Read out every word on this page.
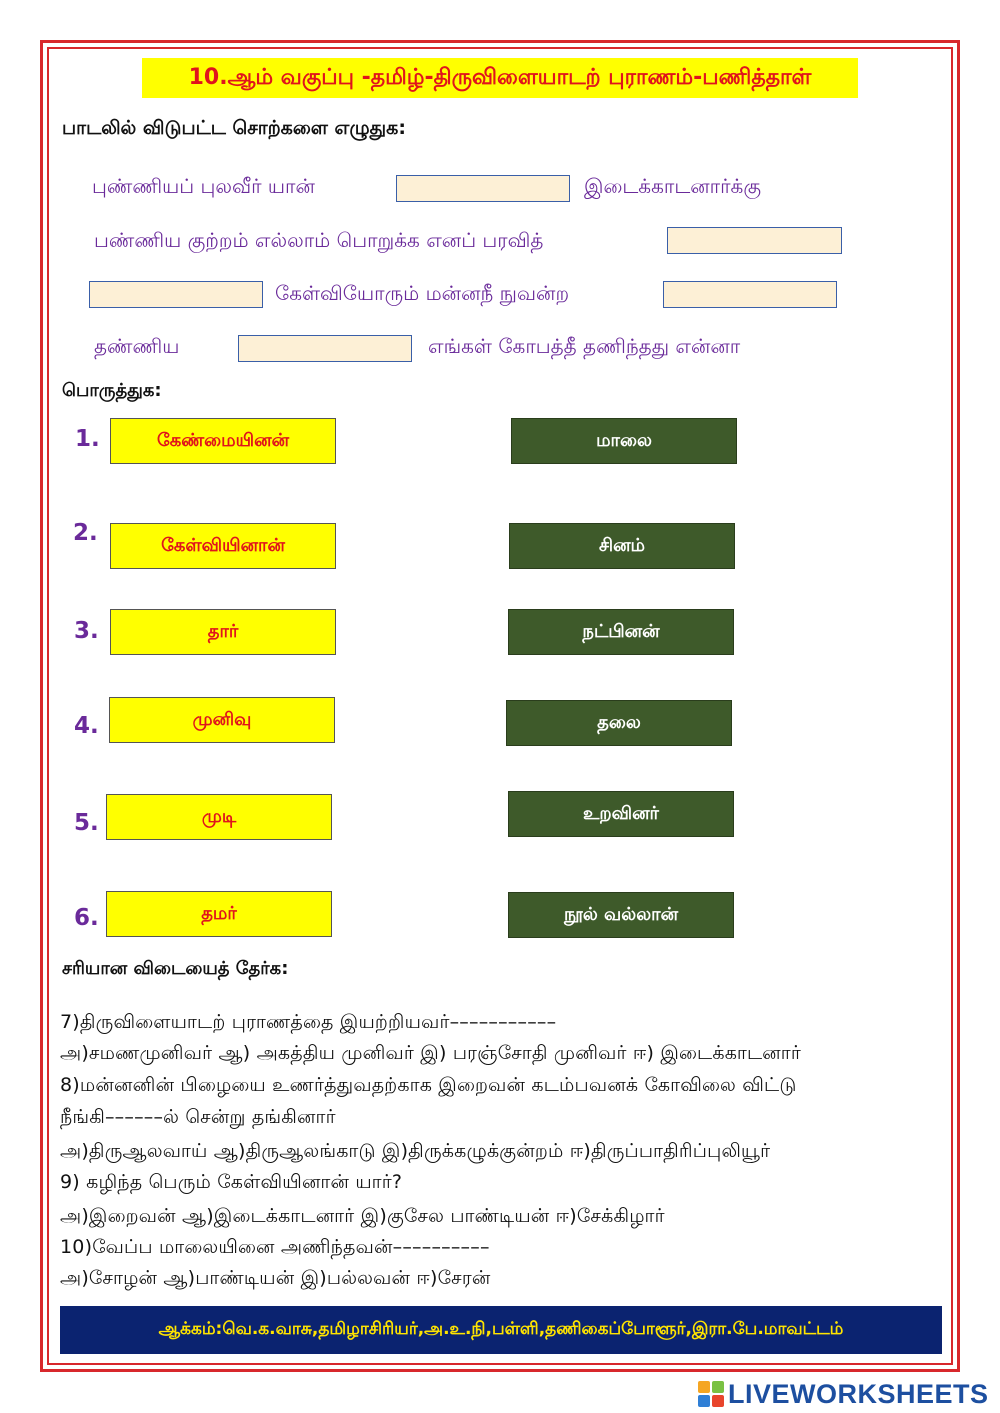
10.ஆம் வகுப்பு -தமிழ்-திருவிளையாடற் புராணம்-பணித்தாள்
பாடலில் விடுபட்ட சொற்களை எழுதுக:
புண்ணியப் புலவீர் யான்	இடைக்காடனார்க்கு
பண்ணிய குற்றம் எல்லாம் பொறுக்க எனப் பரவித்
கேள்வியோரும் மன்னநீ நுவன்ற
தண்ணிய	எங்கள் கோபத்தீ தணிந்தது என்னா
பொருத்துக:
1.	கேண்மையினன்	மாலை
2.	கேள்வியினான்	சினம்
3.	தார்	நட்பினன்
4.	முனிவு	தலை
5.	முடி	உறவினர்
6.	தமர்	நூல் வல்லான்
சரியான விடையைத் தேர்க:
7)திருவிளையாடற் புராணத்தை இயற்றியவர்–––––––––––
அ)சமணமுனிவர் ஆ) அகத்திய முனிவர் இ) பரஞ்சோதி முனிவர் ஈ) இடைக்காடனார்
8)மன்னனின் பிழையை உணர்த்துவதற்காக இறைவன் கடம்பவனக் கோவிலை விட்டு
நீங்கி––––––ல் சென்று தங்கினார்
அ)திருஆலவாய் ஆ)திருஆலங்காடு இ)திருக்கழுக்குன்றம் ஈ)திருப்பாதிரிப்புலியூர்
9) கழிந்த பெரும் கேள்வியினான் யார்?
அ)இறைவன் ஆ)இடைக்காடனார் இ)குசேல பாண்டியன் ஈ)சேக்கிழார்
10)வேப்ப மாலையினை அணிந்தவன்––––––––––
அ)சோழன் ஆ)பாண்டியன் இ)பல்லவன் ஈ)சேரன்
ஆக்கம்:வெ.க.வாசு,தமிழாசிரியர்,அ.உ.நி,பள்ளி,தணிகைப்போளூர்,இரா.பே.மாவட்டம்
LIVEWORKSHEETS
